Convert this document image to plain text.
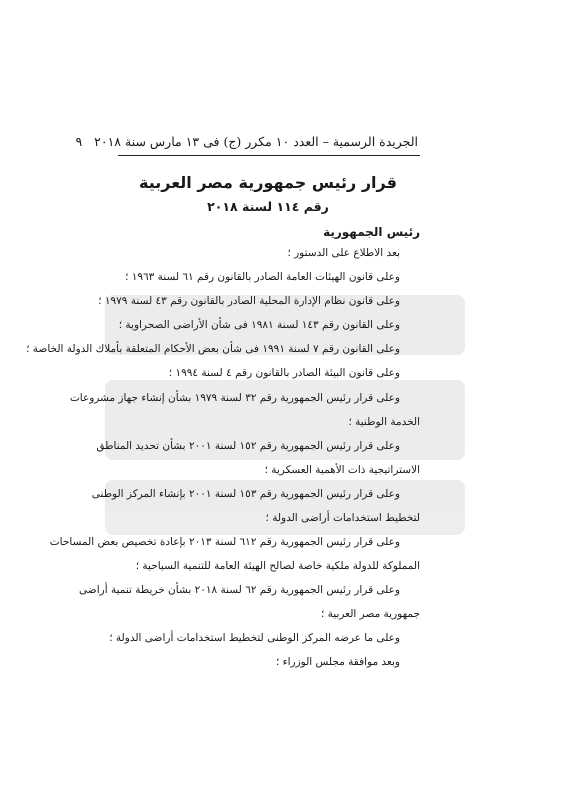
الجريدة الرسمية – العدد ١٠ مكرر (ج) فى ١٣ مارس سنة ٢٠١٨ ٩
قرار رئيس جمهورية مصر العربية
رقم ١١٤ لسنة ٢٠١٨
رئيس الجمهورية
بعد الاطلاع على الدستور ؛
وعلى قانون الهيئات العامة الصادر بالقانون رقم ٦١ لسنة ١٩٦٣ ؛
وعلى قانون نظام الإدارة المحلية الصادر بالقانون رقم ٤٣ لسنة ١٩٧٩ ؛
وعلى القانون رقم ١٤٣ لسنة ١٩٨١ فى شأن الأراضى الصحراوية ؛
وعلى القانون رقم ٧ لسنة ١٩٩١ فى شأن بعض الأحكام المتعلقة بأملاك الدولة الخاصة ؛
وعلى قانون البيئة الصادر بالقانون رقم ٤ لسنة ١٩٩٤ ؛
وعلى قرار رئيس الجمهورية رقم ٣٢ لسنة ١٩٧٩ بشأن إنشاء جهاز مشروعات
الخدمة الوطنية ؛
وعلى قرار رئيس الجمهورية رقم ١٥٢ لسنة ٢٠٠١ بشأن تحديد المناطق
الاستراتيجية ذات الأهمية العسكرية ؛
وعلى قرار رئيس الجمهورية رقم ١٥٣ لسنة ٢٠٠١ بإنشاء المركز الوطنى
لتخطيط استخدامات أراضى الدولة ؛
وعلى قرار رئيس الجمهورية رقم ٦١٢ لسنة ٢٠١٣ بإعادة تخصيص بعض المساحات
المملوكة للدولة ملكية خاصة لصالح الهيئة العامة للتنمية السياحية ؛
وعلى قرار رئيس الجمهورية رقم ٦٢ لسنة ٢٠١٨ بشأن خريطة تنمية أراضى
جمهورية مصر العربية ؛
وعلى ما عرضه المركز الوطنى لتخطيط استخدامات أراضى الدولة ؛
وبعد موافقة مجلس الوزراء ؛
